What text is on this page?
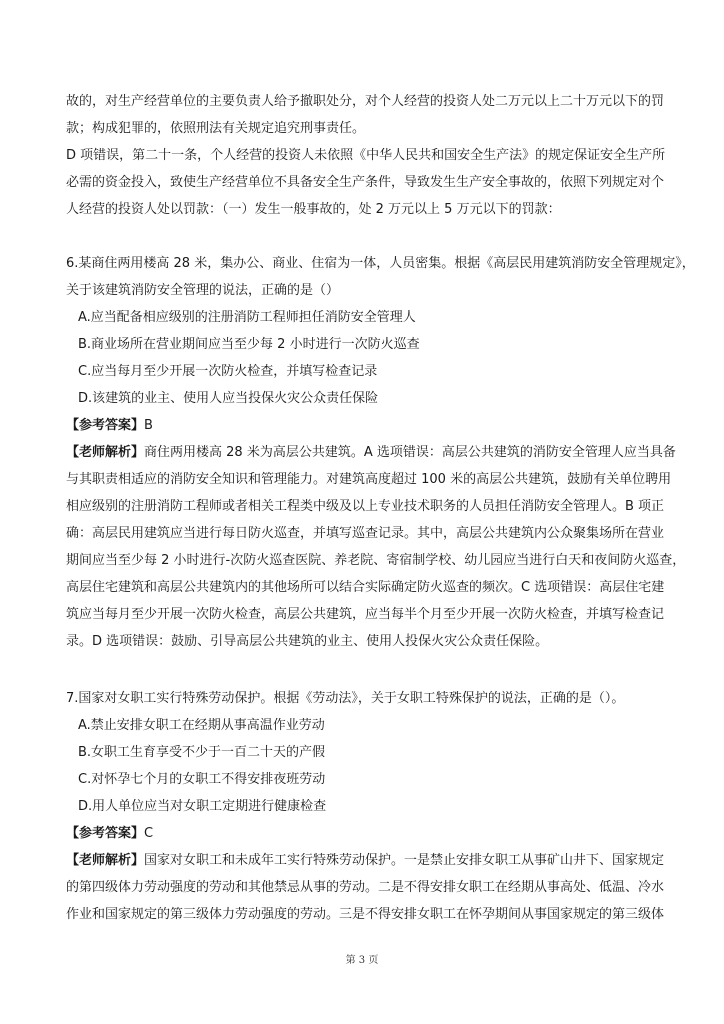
故的，对生产经营单位的主要负责人给予撤职处分，对个人经营的投资人处二万元以上二十万元以下的罚
款；构成犯罪的，依照刑法有关规定追究刑事责任。
D 项错误，第二十一条，个人经营的投资人未依照《中华人民共和国安全生产法》的规定保证安全生产所
必需的资金投入，致使生产经营单位不具备安全生产条件，导致发生生产安全事故的，依照下列规定对个
人经营的投资人处以罚款：（一）发生一般事故的，处 2 万元以上 5 万元以下的罚款：
6.某商住两用楼高 28 米，集办公、商业、住宿为一体，人员密集。根据《高层民用建筑消防安全管理规定》，
关于该建筑消防安全管理的说法，正确的是（）
A.应当配备相应级别的注册消防工程师担任消防安全管理人
B.商业场所在营业期间应当至少每 2 小时进行一次防火巡查
C.应当每月至少开展一次防火检查，并填写检查记录
D.该建筑的业主、使用人应当投保火灾公众责任保险
【参考答案】B
【老师解析】商住两用楼高 28 米为高层公共建筑。A 选项错误：高层公共建筑的消防安全管理人应当具备
与其职责相适应的消防安全知识和管理能力。对建筑高度超过 100 米的高层公共建筑，鼓励有关单位聘用
相应级别的注册消防工程师或者相关工程类中级及以上专业技术职务的人员担任消防安全管理人。B 项正
确：高层民用建筑应当进行每日防火巡查，并填写巡查记录。其中，高层公共建筑内公众聚集场所在营业
期间应当至少每 2 小时进行-次防火巡查医院、养老院、寄宿制学校、幼儿园应当进行白天和夜间防火巡查，
高层住宅建筑和高层公共建筑内的其他场所可以结合实际确定防火巡查的频次。C 选项错误：高层住宅建
筑应当每月至少开展一次防火检查，高层公共建筑，应当每半个月至少开展一次防火检查，并填写检查记
录。D 选项错误：鼓励、引导高层公共建筑的业主、使用人投保火灾公众责任保险。
7.国家对女职工实行特殊劳动保护。根据《劳动法》，关于女职工特殊保护的说法，正确的是（）。
A.禁止安排女职工在经期从事高温作业劳动
B.女职工生育享受不少于一百二十天的产假
C.对怀孕七个月的女职工不得安排夜班劳动
D.用人单位应当对女职工定期进行健康检查
【参考答案】C
【老师解析】国家对女职工和未成年工实行特殊劳动保护。一是禁止安排女职工从事矿山井下、国家规定
的第四级体力劳动强度的劳动和其他禁忌从事的劳动。二是不得安排女职工在经期从事高处、低温、冷水
作业和国家规定的第三级体力劳动强度的劳动。三是不得安排女职工在怀孕期间从事国家规定的第三级体
第 3 页
